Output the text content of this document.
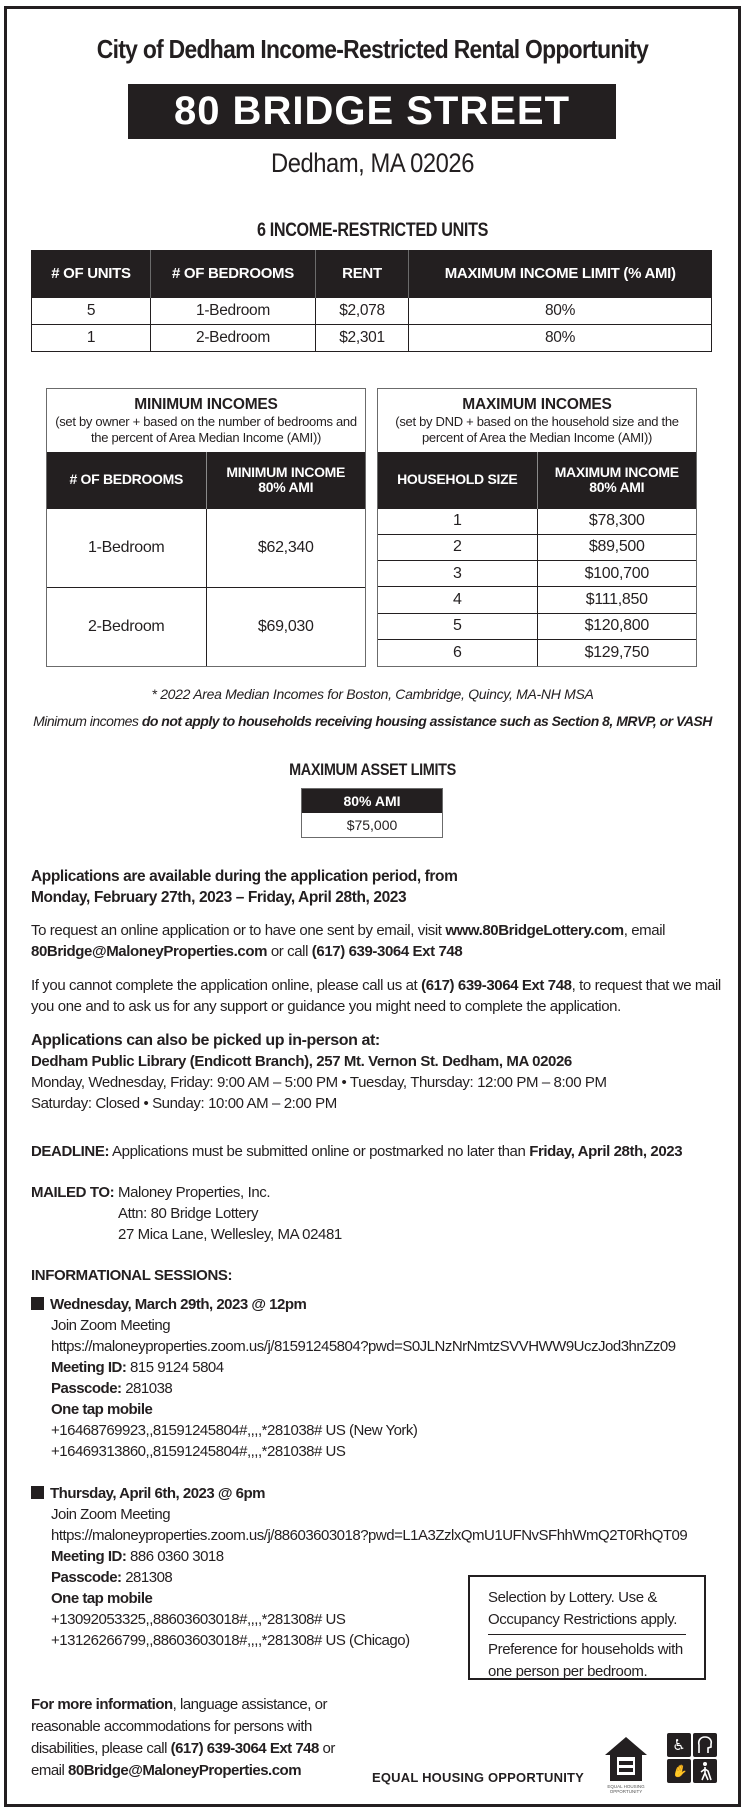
City of Dedham Income-Restricted Rental Opportunity
80 BRIDGE STREET
Dedham, MA 02026
6 INCOME-RESTRICTED UNITS
# OF UNITS	# OF BEDROOMS	RENT	MAXIMUM INCOME LIMIT (% AMI)
5	1-Bedroom	$2,078	80%
1	2-Bedroom	$2,301	80%
MINIMUM INCOMES
(set by owner + based on the number of bedrooms and the percent of Area Median Income (AMI))
# OF BEDROOMS	MINIMUM INCOME
80% AMI
1-Bedroom	$62,340
2-Bedroom	$69,030
MAXIMUM INCOMES
(set by DND + based on the household size and the percent of Area the Median Income (AMI))
HOUSEHOLD SIZE	MAXIMUM INCOME
80% AMI
1	$78,300
2	$89,500
3	$100,700
4	$111,850
5	$120,800
6	$129,750
* 2022 Area Median Incomes for Boston, Cambridge, Quincy, MA-NH MSA
Minimum incomes do not apply to households receiving housing assistance such as Section 8, MRVP, or VASH
MAXIMUM ASSET LIMITS
80% AMI
$75,000
Applications are available during the application period, from
Monday, February 27th, 2023 – Friday, April 28th, 2023
To request an online application or to have one sent by email, visit www.80BridgeLottery.com, email
80Bridge@MaloneyProperties.com or call (617) 639-3064 Ext 748
If you cannot complete the application online, please call us at (617) 639-3064 Ext 748, to request that we mail you one and to ask us for any support or guidance you might need to complete the application.
Applications can also be picked up in-person at:
Dedham Public Library (Endicott Branch), 257 Mt. Vernon St. Dedham, MA 02026
Monday, Wednesday, Friday: 9:00 AM – 5:00 PM • Tuesday, Thursday: 12:00 PM – 8:00 PM
Saturday: Closed • Sunday: 10:00 AM – 2:00 PM
DEADLINE: Applications must be submitted online or postmarked no later than Friday, April 28th, 2023
MAILED TO: Maloney Properties, Inc.
Attn: 80 Bridge Lottery
27 Mica Lane, Wellesley, MA 02481
INFORMATIONAL SESSIONS:
Wednesday, March 29th, 2023 @ 12pm
Join Zoom Meeting
https://maloneyproperties.zoom.us/j/81591245804?pwd=S0JLNzNrNmtzSVVHWW9UczJod3hnZz09
Meeting ID: 815 9124 5804
Passcode: 281038
One tap mobile
+16468769923,,81591245804#,,,,*281038# US (New York)
+16469313860,,81591245804#,,,,*281038# US
Thursday, April 6th, 2023 @ 6pm
Join Zoom Meeting
https://maloneyproperties.zoom.us/j/88603603018?pwd=L1A3ZzlxQmU1UFNvSFhhWmQ2T0RhQT09
Meeting ID: 886 0360 3018
Passcode: 281308
One tap mobile
+13092053325,,88603603018#,,,,*281308# US
+13126266799,,88603603018#,,,,*281308# US (Chicago)
Selection by Lottery. Use & Occupancy Restrictions apply.
Preference for households with one person per bedroom.
For more information, language assistance, or reasonable accommodations for persons with disabilities, please call (617) 639-3064 Ext 748 or email 80Bridge@MaloneyProperties.com	EQUAL HOUSING OPPORTUNITY
EQUAL HOUSING
OPPORTUNITY
♿
✋
